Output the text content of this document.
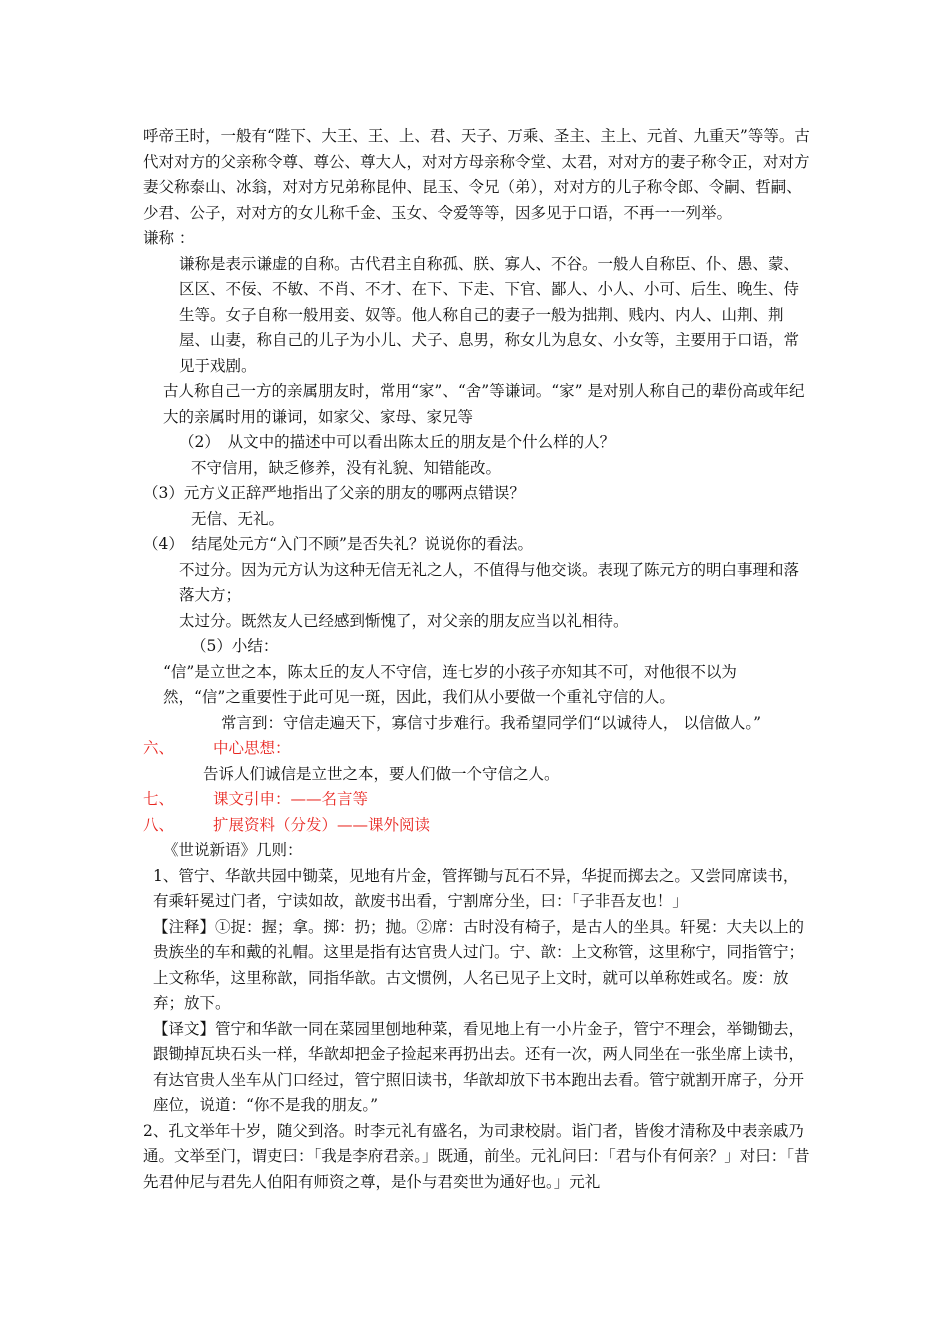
呼帝王时，一般有“陛下、大王、王、上、君、天子、万乘、圣主、主上、元首、九重天”等等。古代对对方的父亲称令尊、尊公、尊大人，对对方母亲称令堂、太君，对对方的妻子称令正，对对方妻父称泰山、冰翁，对对方兄弟称昆仲、昆玉、令兄（弟），对对方的儿子称令郎、令嗣、哲嗣、少君、公子，对对方的女儿称千金、玉女、令爱等等，因多见于口语，不再一一列举。

谦称 ：

谦称是表示谦虚的自称。古代君主自称孤、朕、寡人、不谷。一般人自称臣、仆、愚、蒙、区区、不佞、不敏、不肖、不才、在下、下走、下官、鄙人、小人、小可、后生、晚生、侍生等。女子自称一般用妾、奴等。他人称自己的妻子一般为拙荆、贱内、内人、山荆、荆屋、山妻，称自己的儿子为小儿、犬子、息男，称女儿为息女、小女等，主要用于口语，常见于戏剧。

古人称自己一方的亲属朋友时，常用“家”、“舍”等谦词。“家” 是对别人称自己的辈份高或年纪大的亲属时用的谦词，如家父、家母、家兄等

（2）　从文中的描述中可以看出陈太丘的朋友是个什么样的人？

不守信用，缺乏修养，没有礼貌、知错能改。

（3）元方义正辞严地指出了父亲的朋友的哪两点错误？

无信、无礼。

（4）　结尾处元方“入门不顾”是否失礼？说说你的看法。

不过分。因为元方认为这种无信无礼之人，不值得与他交谈。表现了陈元方的明白事理和落落大方；

太过分。既然友人已经感到惭愧了，对父亲的朋友应当以礼相待。

（5）小结：

“信”是立世之本，陈太丘的友人不守信，连七岁的小孩子亦知其不可，对他很不以为然，“信”之重要性于此可见一斑，因此，我们从小要做一个重礼守信的人。

常言到：守信走遍天下，寡信寸步难行。我希望同学们“以诚待人， 以信做人。”

六、	中心思想：

告诉人们诚信是立世之本，要人们做一个守信之人。

七、	课文引申：——名言等

八、	扩展资料（分发）——课外阅读

《世说新语》几则：

1、管宁、华歆共园中锄菜，见地有片金，管挥锄与瓦石不异，华捉而掷去之。又尝同席读书，有乘轩冕过门者，宁读如故，歆废书出看，宁割席分坐，曰：「子非吾友也！」

【注释】①捉：握；拿。掷：扔；抛。②席：古时没有椅子，是古人的坐具。轩冕：大夫以上的贵族坐的车和戴的礼帽。这里是指有达官贵人过门。宁、歆：上文称管，这里称宁，同指管宁；上文称华，这里称歆，同指华歆。古文惯例，人名已见子上文时，就可以单称姓或名。废：放弃；放下。

【译文】管宁和华歆一同在菜园里刨地种菜，看见地上有一小片金子，管宁不理会，举锄锄去，跟锄掉瓦块石头一样，华歆却把金子捡起来再扔出去。还有一次，两人同坐在一张坐席上读书，有达官贵人坐车从门口经过，管宁照旧读书，华歆却放下书本跑出去看。管宁就割开席子，分开座位，说道：“你不是我的朋友。”

2、孔文举年十岁，随父到洛。时李元礼有盛名，为司隶校尉。诣门者，皆俊才清称及中表亲戚乃通。文举至门，谓吏曰：「我是李府君亲。」既通，前坐。元礼问曰：「君与仆有何亲？」对曰：「昔先君仲尼与君先人伯阳有师资之尊，是仆与君奕世为通好也。」元礼
